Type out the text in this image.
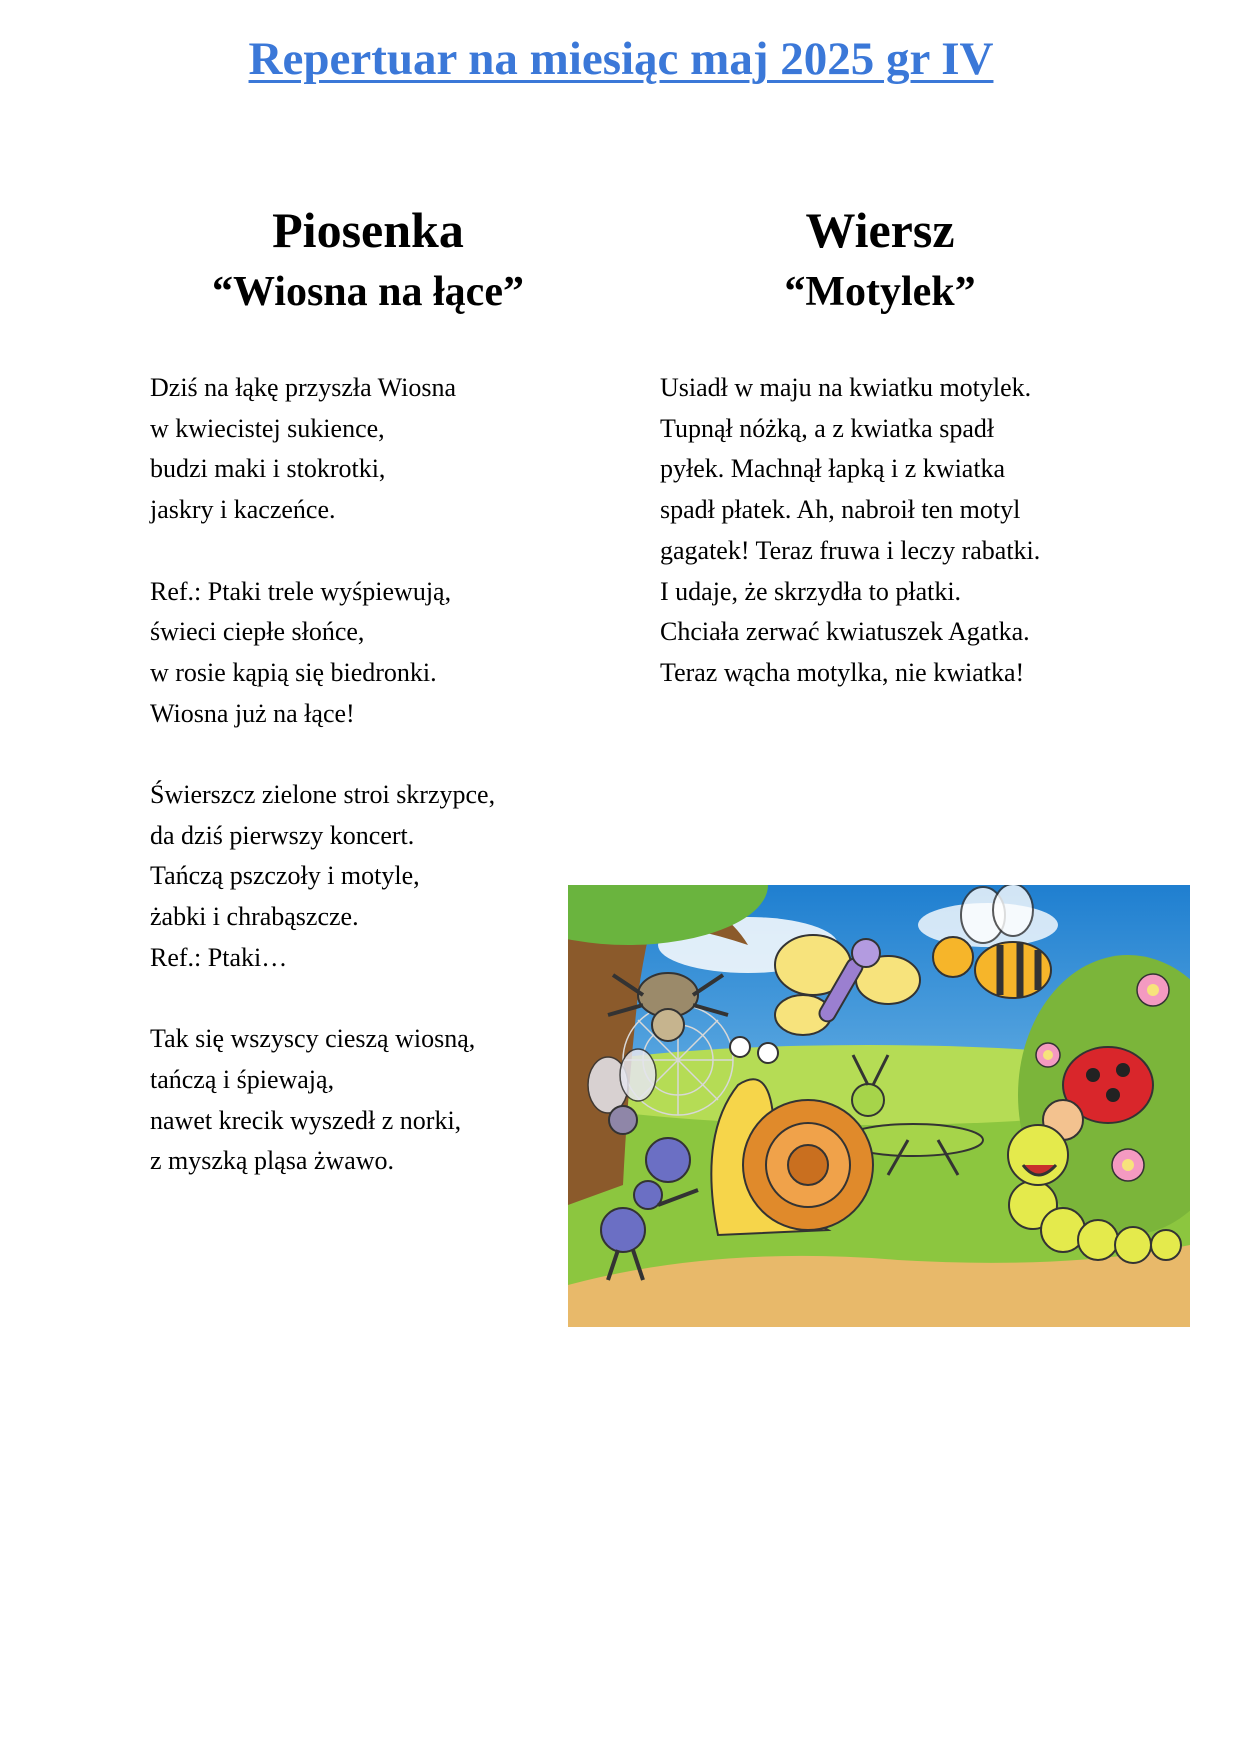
Repertuar na miesiąc maj 2025 gr IV

Piosenka

“Wiosna na łące”

Wiersz

“Motylek”

Dziś na łąkę przyszła Wiosna

w kwiecistej sukience,

budzi maki i stokrotki,

jaskry i kaczeńce.

Ref.: Ptaki trele wyśpiewują,

świeci ciepłe słońce,

w rosie kąpią się biedronki.

Wiosna już na łące!

Świerszcz zielone stroi skrzypce,

da dziś pierwszy koncert.

Tańczą pszczoły i motyle,

żabki i chrabąszcze.

Ref.: Ptaki…

Tak się wszyscy cieszą wiosną,

tańczą i śpiewają,

nawet krecik wyszedł z norki,

z myszką pląsa żwawo.

Usiadł w maju na kwiatku motylek.

Tupnął nóżką, a z kwiatka spadł

pyłek. Machnął łapką i z kwiatka

spadł płatek. Ah, nabroił ten motyl

gagatek! Teraz fruwa i leczy rabatki.

I udaje, że skrzydła to płatki.

Chciała zerwać kwiatuszek Agatka.

Teraz wącha motylka, nie kwiatka!
